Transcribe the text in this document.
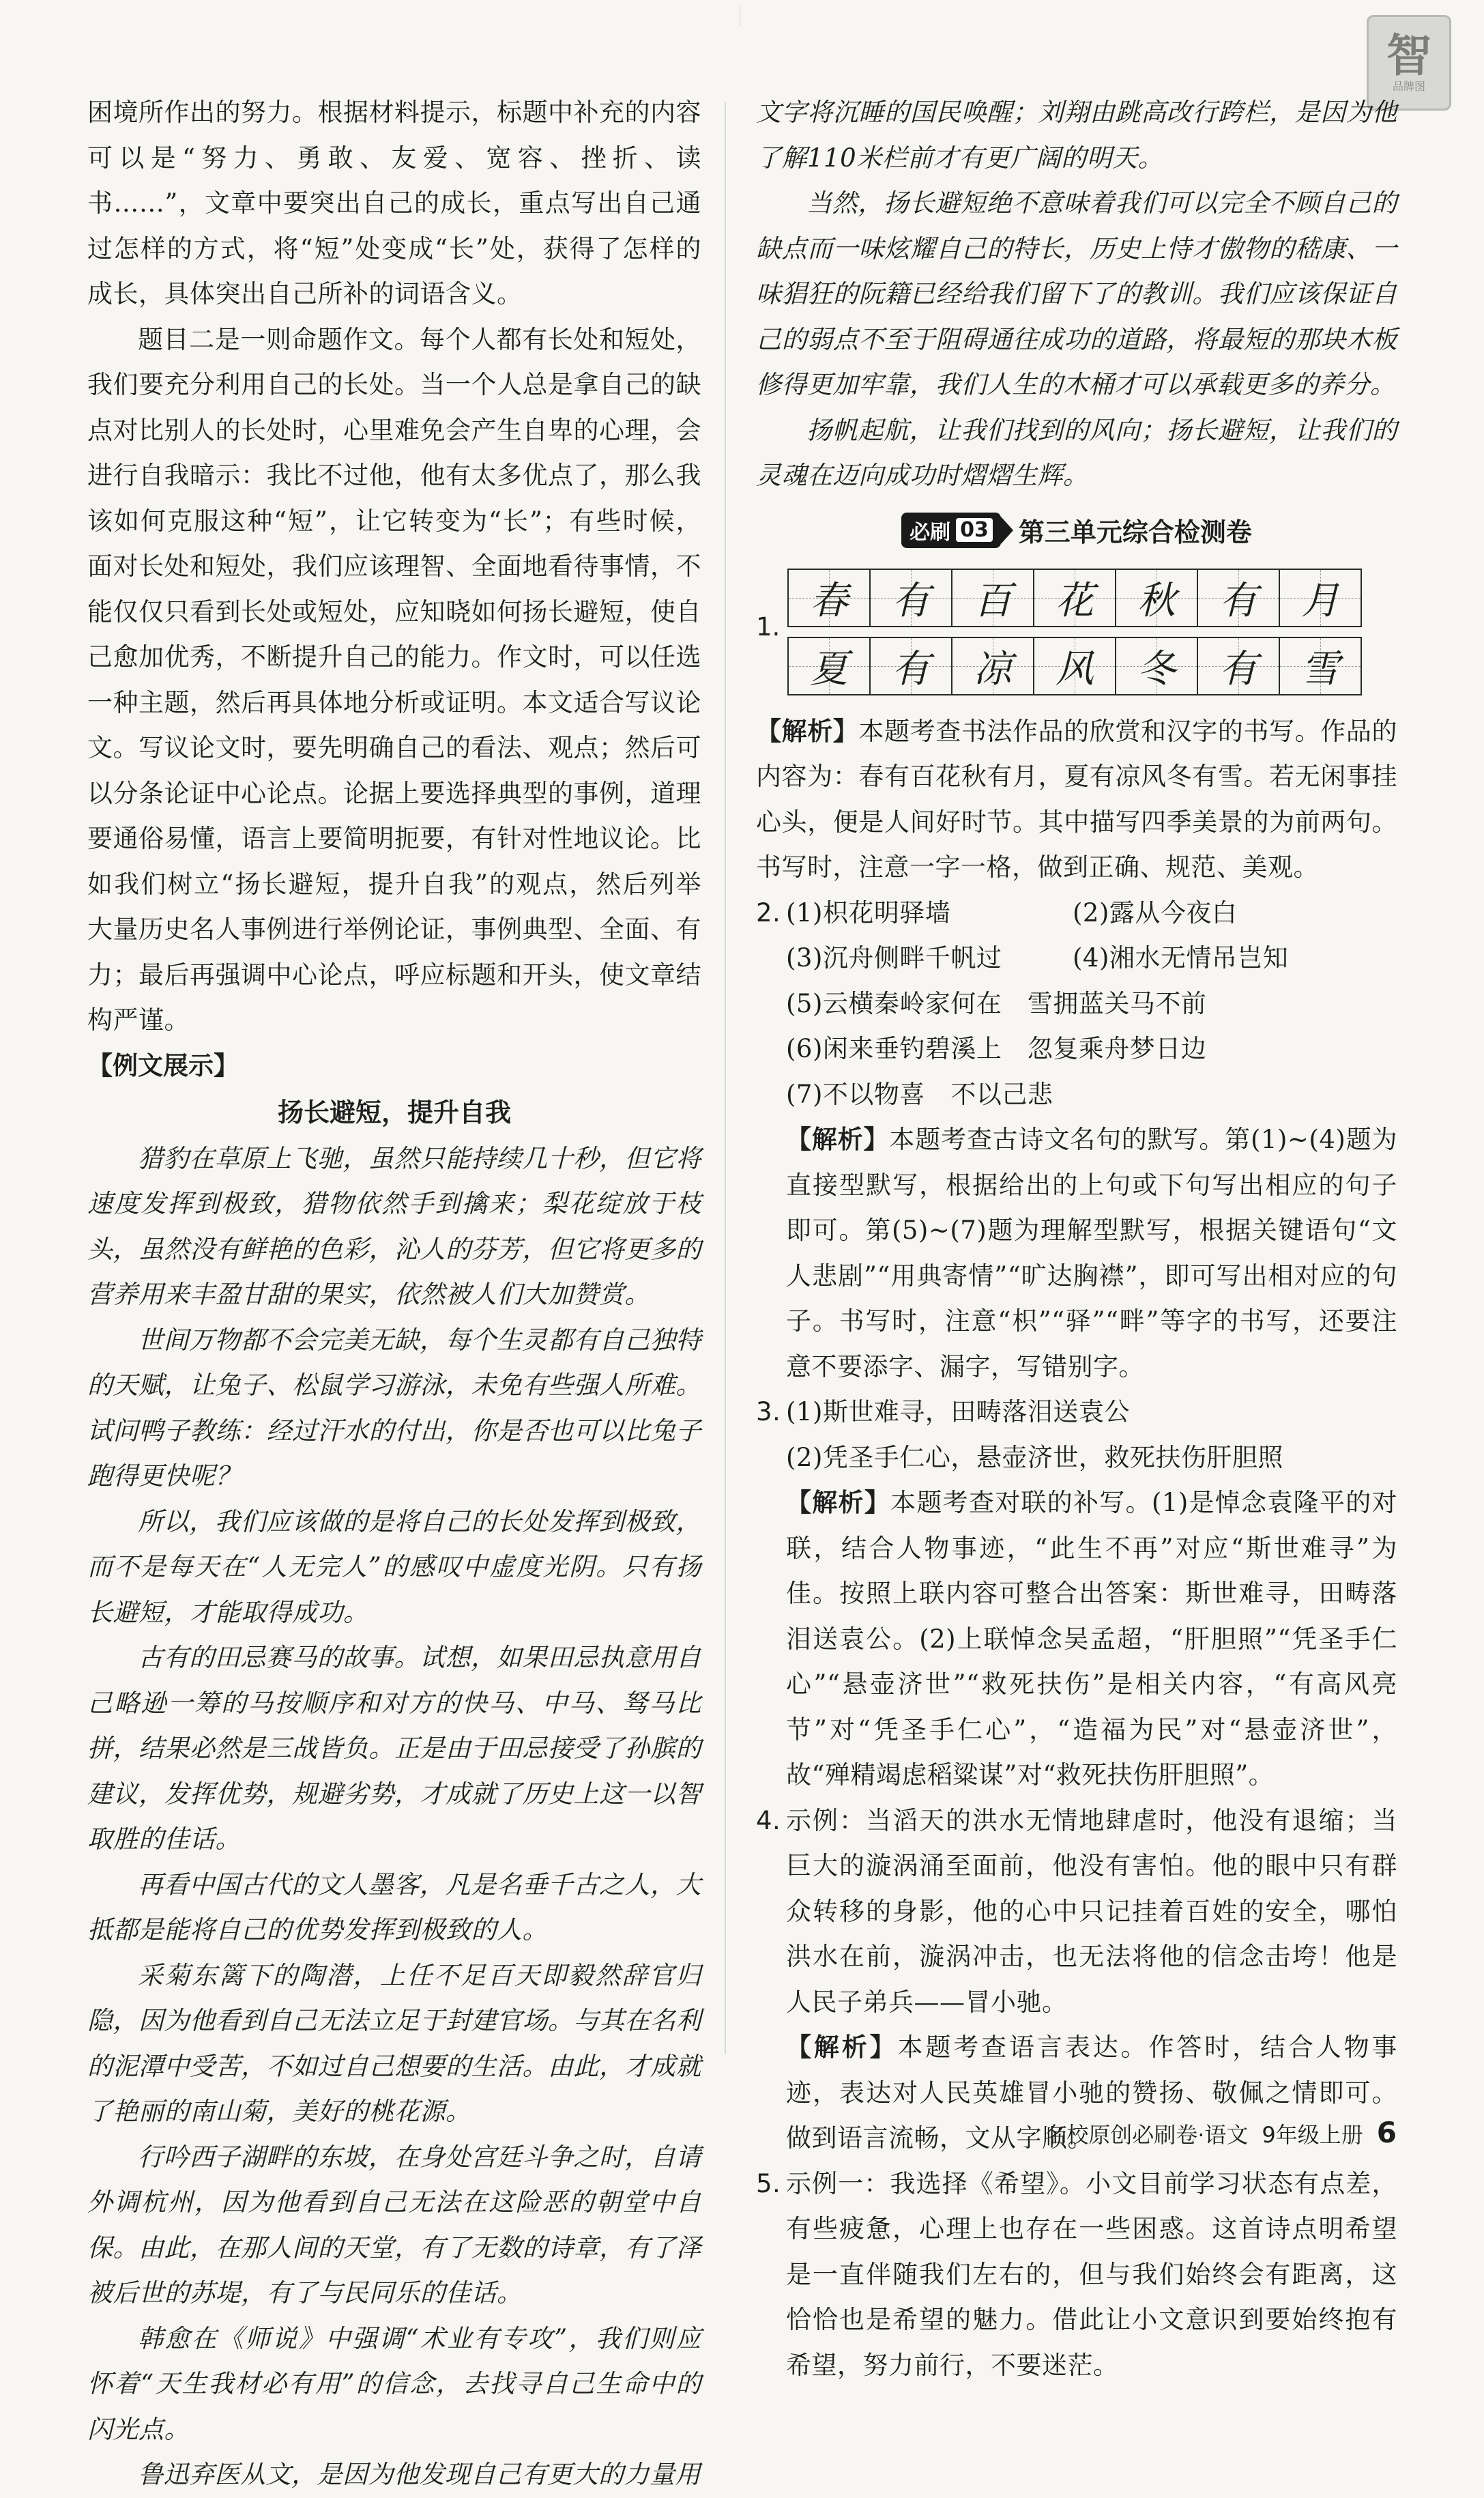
智
品牌图

困境所作出的努力。根据材料提示，标题中补充的内容可以是“努力、勇敢、友爱、宽容、挫折、读书……”，文章中要突出自己的成长，重点写出自己通过怎样的方式，将“短”处变成“长”处，获得了怎样的成长，具体突出自己所补的词语含义。

题目二是一则命题作文。每个人都有长处和短处，我们要充分利用自己的长处。当一个人总是拿自己的缺点对比别人的长处时，心里难免会产生自卑的心理，会进行自我暗示：我比不过他，他有太多优点了，那么我该如何克服这种“短”，让它转变为“长”；有些时候，面对长处和短处，我们应该理智、全面地看待事情，不能仅仅只看到长处或短处，应知晓如何扬长避短，使自己愈加优秀，不断提升自己的能力。作文时，可以任选一种主题，然后再具体地分析或证明。本文适合写议论文。写议论文时，要先明确自己的看法、观点；然后可以分条论证中心论点。论据上要选择典型的事例，道理要通俗易懂，语言上要简明扼要，有针对性地议论。比如我们树立“扬长避短，提升自我”的观点，然后列举大量历史名人事例进行举例论证，事例典型、全面、有力；最后再强调中心论点，呼应标题和开头，使文章结构严谨。

【例文展示】

扬长避短，提升自我

猎豹在草原上飞驰，虽然只能持续几十秒，但它将速度发挥到极致，猎物依然手到擒来；梨花绽放于枝头，虽然没有鲜艳的色彩，沁人的芬芳，但它将更多的营养用来丰盈甘甜的果实，依然被人们大加赞赏。

世间万物都不会完美无缺，每个生灵都有自己独特的天赋，让兔子、松鼠学习游泳，未免有些强人所难。试问鸭子教练：经过汗水的付出，你是否也可以比兔子跑得更快呢？

所以，我们应该做的是将自己的长处发挥到极致，而不是每天在“人无完人”的感叹中虚度光阴。只有扬长避短，才能取得成功。

古有的田忌赛马的故事。试想，如果田忌执意用自己略逊一筹的马按顺序和对方的快马、中马、驽马比拼，结果必然是三战皆负。正是由于田忌接受了孙膑的建议，发挥优势，规避劣势，才成就了历史上这一以智取胜的佳话。

再看中国古代的文人墨客，凡是名垂千古之人，大抵都是能将自己的优势发挥到极致的人。

采菊东篱下的陶潜，上任不足百天即毅然辞官归隐，因为他看到自己无法立足于封建官场。与其在名利的泥潭中受苦，不如过自己想要的生活。由此，才成就了艳丽的南山菊，美好的桃花源。

行吟西子湖畔的东坡，在身处宫廷斗争之时，自请外调杭州，因为他看到自己无法在这险恶的朝堂中自保。由此，在那人间的天堂，有了无数的诗章，有了泽被后世的苏堤，有了与民同乐的佳话。

韩愈在《师说》中强调“术业有专攻”，我们则应怀着“天生我材必有用”的信念，去找寻自己生命中的闪光点。

鲁迅弃医从文，是因为他发现自己有更大的力量用

文字将沉睡的国民唤醒；刘翔由跳高改行跨栏，是因为他了解110米栏前才有更广阔的明天。

当然，扬长避短绝不意味着我们可以完全不顾自己的缺点而一味炫耀自己的特长，历史上恃才傲物的嵇康、一味猖狂的阮籍已经给我们留下了的教训。我们应该保证自己的弱点不至于阻碍通往成功的道路，将最短的那块木板修得更加牢靠，我们人生的木桶才可以承载更多的养分。

扬帆起航，让我们找到的风向；扬长避短，让我们的灵魂在迈向成功时熠熠生辉。

必刷 03 第三单元综合检测卷
1.
春 有 百 花 秋 有 月
夏 有 凉 风 冬 有 雪

【解析】本题考查书法作品的欣赏和汉字的书写。作品的内容为：春有百花秋有月，夏有凉风冬有雪。若无闲事挂心头，便是人间好时节。其中描写四季美景的为前两句。书写时，注意一字一格，做到正确、规范、美观。

2. (1)枳花明驿墙	(2)露从今夜白
(3)沉舟侧畔千帆过	(4)湘水无情吊岂知

(5)云横秦岭家何在　雪拥蓝关马不前

(6)闲来垂钓碧溪上　忽复乘舟梦日边

(7)不以物喜　不以己悲

【解析】本题考查古诗文名句的默写。第(1)~(4)题为直接型默写，根据给出的上句或下句写出相应的句子即可。第(5)~(7)题为理解型默写，根据关键语句“文人悲剧”“用典寄情”“旷达胸襟”，即可写出相对应的句子。书写时，注意“枳”“驿”“畔”等字的书写，还要注意不要添字、漏字，写错别字。

3. (1)斯世难寻，田畴落泪送袁公

(2)凭圣手仁心，悬壶济世，救死扶伤肝胆照

【解析】本题考查对联的补写。(1)是悼念袁隆平的对联，结合人物事迹，“此生不再”对应“斯世难寻”为佳。按照上联内容可整合出答案：斯世难寻，田畴落泪送袁公。(2)上联悼念吴孟超，“肝胆照”“凭圣手仁心”“悬壶济世”“救死扶伤”是相关内容，“有高风亮节”对“凭圣手仁心”，“造福为民”对“悬壶济世”，故“殚精竭虑稻粱谋”对“救死扶伤肝胆照”。

4. 示例：当滔天的洪水无情地肆虐时，他没有退缩；当巨大的漩涡涌至面前，他没有害怕。他的眼中只有群众转移的身影，他的心中只记挂着百姓的安全，哪怕洪水在前，漩涡冲击，也无法将他的信念击垮！他是人民子弟兵——冒小驰。

【解析】本题考查语言表达。作答时，结合人物事迹，表达对人民英雄冒小驰的赞扬、敬佩之情即可。做到语言流畅，文从字顺。

5. 示例一：我选择《希望》。小文目前学习状态有点差，有些疲惫，心理上也存在一些困惑。这首诗点明希望是一直伴随我们左右的，但与我们始终会有距离，这恰恰也是希望的魅力。借此让小文意识到要始终抱有希望，努力前行，不要迷茫。

名校原创必刷卷·语文 9年级上册 6
